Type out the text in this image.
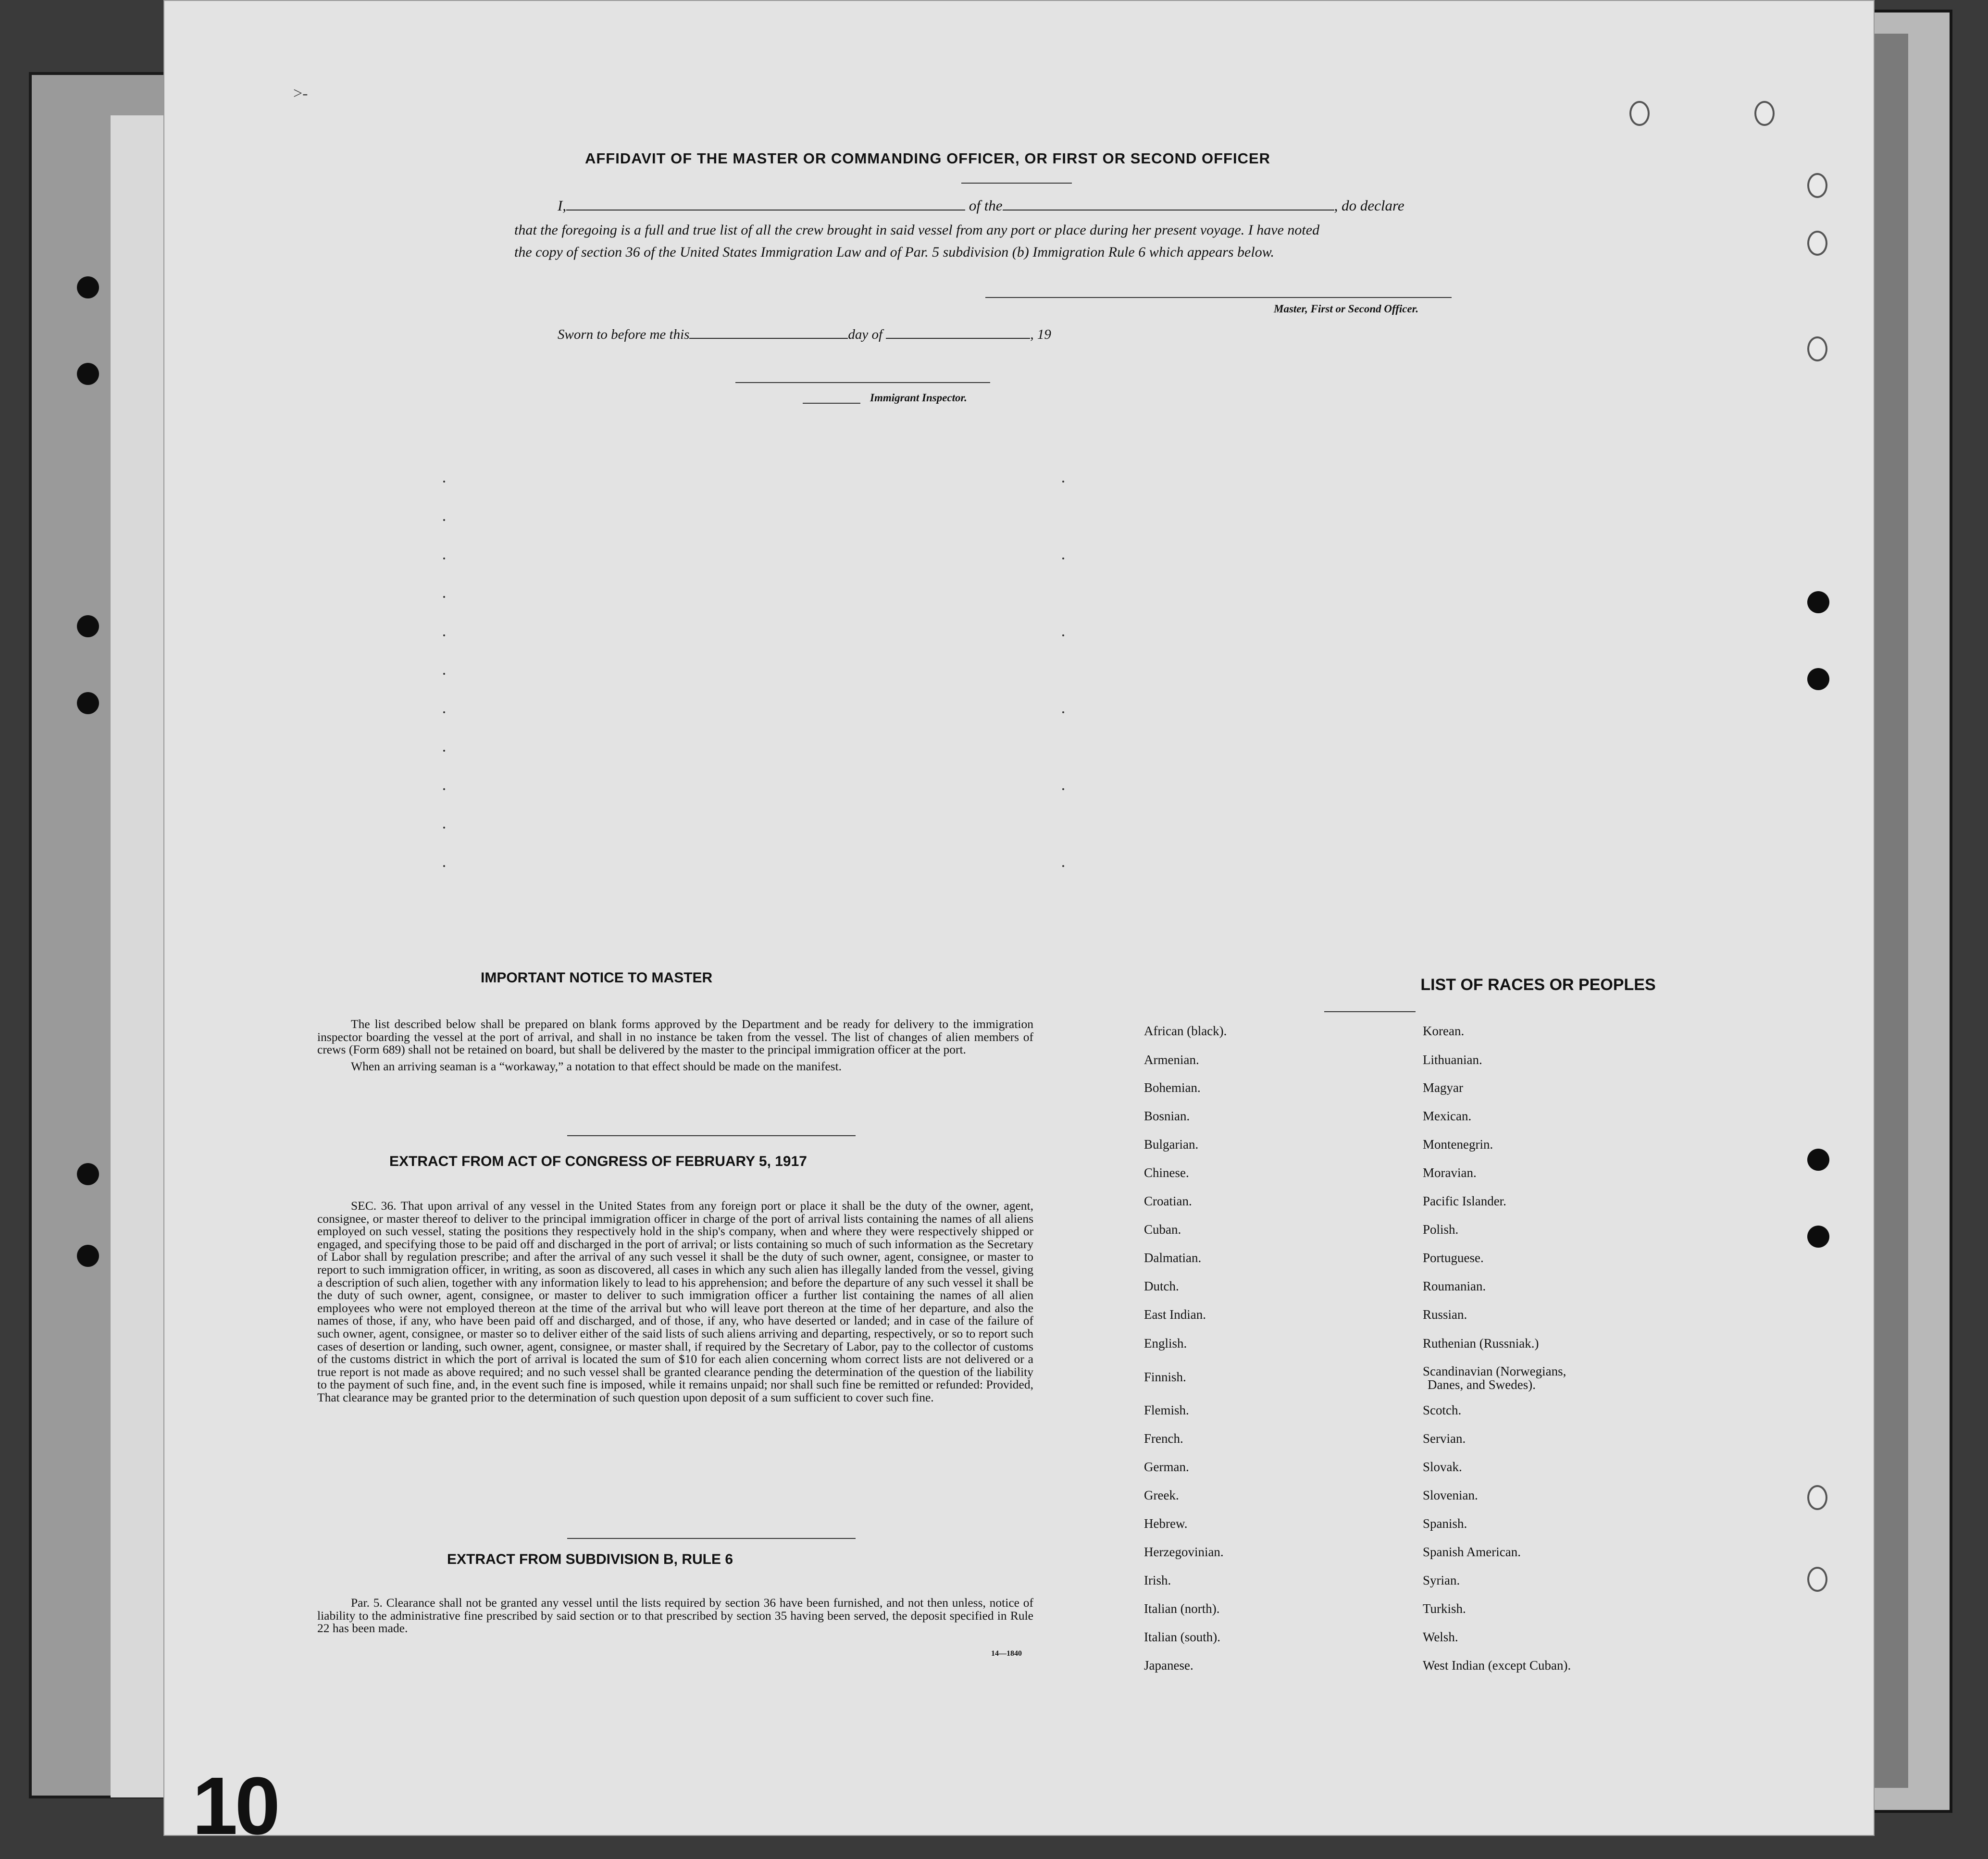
>-
AFFIDAVIT OF THE MASTER OR COMMANDING OFFICER, OR FIRST OR SECOND OFFICER
I,	of the	, do declare
that the foregoing is a full and true list of all the crew brought in said vessel from any port or place during her present voyage. I have noted
the copy of section 36 of the United States Immigration Law and of Par. 5 subdivision (b) Immigration Rule 6 which appears below.
Master, First or Second Officer.
Sworn to before me this	day of	, 19
Immigrant Inspector.
IMPORTANT NOTICE TO MASTER

The list described below shall be prepared on blank forms approved by the Department and be ready for delivery to the immigration inspector boarding the vessel at the port of arrival, and shall in no instance be taken from the vessel. The list of changes of alien members of crews (Form 689) shall not be retained on board, but shall be delivered by the master to the principal immigration officer at the port.

When an arriving seaman is a “workaway,” a notation to that effect should be made on the manifest.

EXTRACT FROM ACT OF CONGRESS OF FEBRUARY 5, 1917

SEC. 36. That upon arrival of any vessel in the United States from any foreign port or place it shall be the duty of the owner, agent, consignee, or master thereof to deliver to the principal immigration officer in charge of the port of arrival lists containing the names of all aliens employed on such vessel, stating the positions they respectively hold in the ship's company, when and where they were respectively shipped or engaged, and specifying those to be paid off and discharged in the port of arrival; or lists containing so much of such information as the Secretary of Labor shall by regulation prescribe; and after the arrival of any such vessel it shall be the duty of such owner, agent, consignee, or master to report to such immigration officer, in writing, as soon as discovered, all cases in which any such alien has illegally landed from the vessel, giving a description of such alien, together with any information likely to lead to his apprehension; and before the departure of any such vessel it shall be the duty of such owner, agent, consignee, or master to deliver to such immigration officer a further list containing the names of all alien employees who were not employed thereon at the time of the arrival but who will leave port thereon at the time of her departure, and also the names of those, if any, who have been paid off and discharged, and of those, if any, who have deserted or landed; and in case of the failure of such owner, agent, consignee, or master so to deliver either of the said lists of such aliens arriving and departing, respectively, or so to report such cases of desertion or landing, such owner, agent, consignee, or master shall, if required by the Secretary of Labor, pay to the collector of customs of the customs district in which the port of arrival is located the sum of $10 for each alien concerning whom correct lists are not delivered or a true report is not made as above required; and no such vessel shall be granted clearance pending the determination of the question of the liability to the payment of such fine, and, in the event such fine is imposed, while it remains unpaid; nor shall such fine be remitted or refunded: Provided, That clearance may be granted prior to the determination of such question upon deposit of a sum sufficient to cover such fine.

EXTRACT FROM SUBDIVISION B, RULE 6

Par. 5. Clearance shall not be granted any vessel until the lists required by section 36 have been furnished, and not then unless, notice of liability to the administrative fine prescribed by said section or to that prescribed by section 35 having been served, the deposit specified in Rule 22 has been made.

14—1840
LIST OF RACES OR PEOPLES
African (black).
Armenian.
Bohemian.
Bosnian.
Bulgarian.
Chinese.
Croatian.
Cuban.
Dalmatian.
Dutch.
East Indian.
English.
Finnish.
Flemish.
French.
German.
Greek.
Hebrew.
Herzegovinian.
Irish.
Italian (north).
Italian (south).
Japanese.
Korean.
Lithuanian.
Magyar
Mexican.
Montenegrin.
Moravian.
Pacific Islander.
Polish.
Portuguese.
Roumanian.
Russian.
Ruthenian (Russniak.)
Scandinavian (Norwegians,
Danes, and Swedes).
Scotch.
Servian.
Slovak.
Slovenian.
Spanish.
Spanish American.
Syrian.
Turkish.
Welsh.
West Indian (except Cuban).
10
